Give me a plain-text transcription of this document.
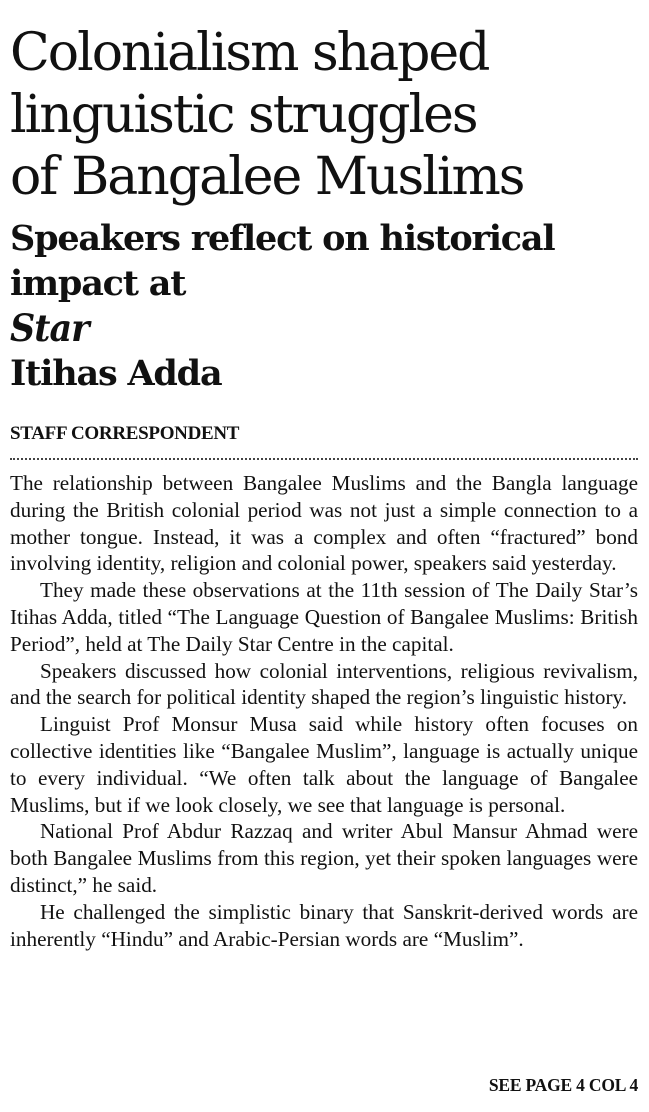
Colonialism shaped
linguistic struggles
of Bangalee Muslims
Speakers reflect on historical
impact at
Star
Itihas Adda
STAFF CORRESPONDENT

The relationship between Bangalee Muslims and the Bangla language during the British colonial period was not just a simple connection to a mother tongue. Instead, it was a complex and often “fractured” bond involving identity, religion and colonial power, speakers said yesterday.

They made these observations at the 11th session of The Daily Star’s Itihas Adda, titled “The Language Question of Bangalee Muslims: British Period”, held at The Daily Star Centre in the capital.

Speakers discussed how colonial interventions, religious revivalism, and the search for political identity shaped the region’s linguistic history.

Linguist Prof Monsur Musa said while history often focuses on collective identities like “Bangalee Muslim”, language is actually unique to every individual. “We often talk about the language of Bangalee Muslims, but if we look closely, we see that language is personal.

National Prof Abdur Razzaq and writer Abul Mansur Ahmad were both Bangalee Muslims from this region, yet their spoken languages were distinct,” he said.

He challenged the simplistic binary that Sanskrit-derived words are inherently “Hindu” and Arabic-Persian words are “Muslim”.

SEE PAGE 4 COL 4
